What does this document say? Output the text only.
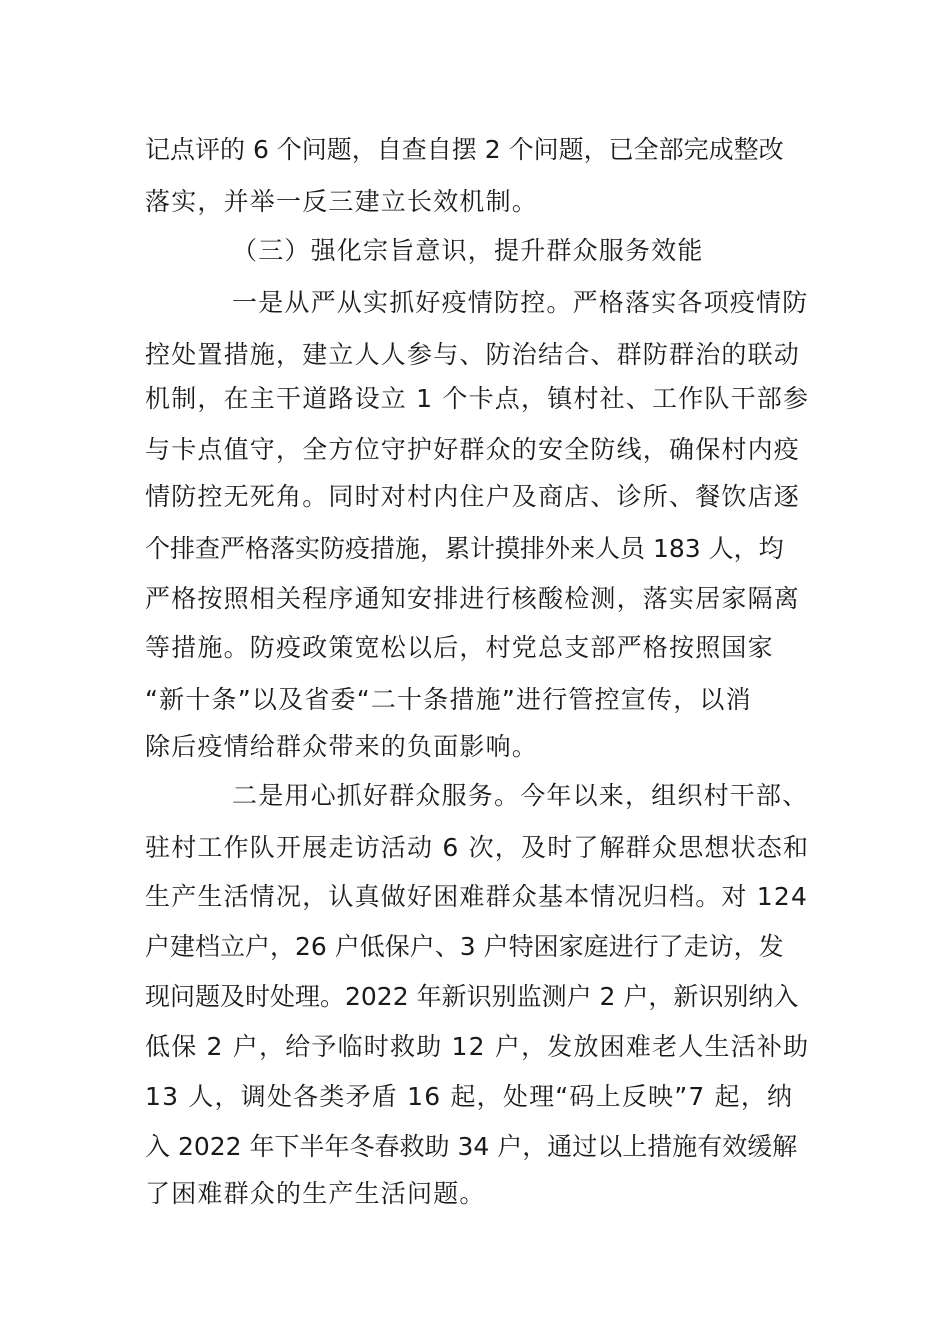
记点评的 6 个问题，自查自摆 2 个问题，已全部完成整改
落实，并举一反三建立长效机制。
（三）强化宗旨意识，提升群众服务效能
一是从严从实抓好疫情防控。严格落实各项疫情防
控处置措施，建立人人参与、防治结合、群防群治的联动
机制，在主干道路设立 1 个卡点，镇村社、工作队干部参
与卡点值守，全方位守护好群众的安全防线，确保村内疫
情防控无死角。同时对村内住户及商店、诊所、餐饮店逐
个排查严格落实防疫措施，累计摸排外来人员 183 人，均
严格按照相关程序通知安排进行核酸检测，落实居家隔离
等措施。防疫政策宽松以后，村党总支部严格按照国家
“新十条”以及省委“二十条措施”进行管控宣传，以消
除后疫情给群众带来的负面影响。
二是用心抓好群众服务。今年以来，组织村干部、
驻村工作队开展走访活动 6 次，及时了解群众思想状态和
生产生活情况，认真做好困难群众基本情况归档。对 124
户建档立户，26 户低保户、3 户特困家庭进行了走访，发
现问题及时处理。2022 年新识别监测户 2 户，新识别纳入
低保 2 户，给予临时救助 12 户，发放困难老人生活补助
13 人，调处各类矛盾 16 起，处理“码上反映”7 起，纳
入 2022 年下半年冬春救助 34 户，通过以上措施有效缓解
了困难群众的生产生活问题。
